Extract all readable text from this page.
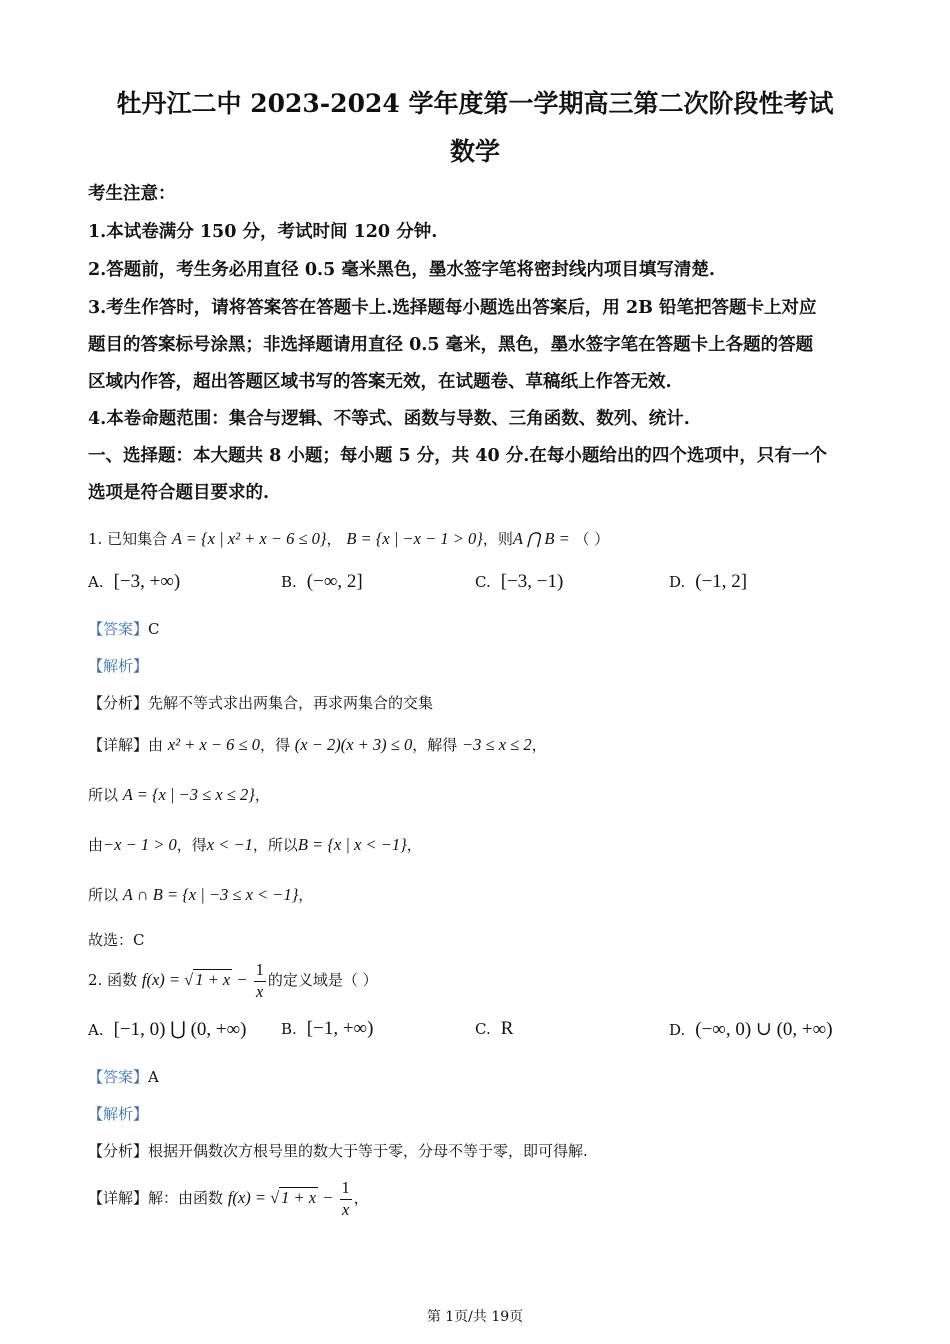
牡丹江二中 2023-2024 学年度第一学期高三第二次阶段性考试
数学
考生注意：
1.本试卷满分 150 分，考试时间 120 分钟.
2.答题前，考生务必用直径 0.5 毫米黑色，墨水签字笔将密封线内项目填写清楚.
3.考生作答时，请将答案答在答题卡上.选择题每小题选出答案后，用 2B 铅笔把答题卡上对应
题目的答案标号涂黑；非选择题请用直径 0.5 毫米，黑色，墨水签字笔在答题卡上各题的答题
区域内作答，超出答题区域书写的答案无效，在试题卷、草稿纸上作答无效.
4.本卷命题范围：集合与逻辑、不等式、函数与导数、三角函数、数列、统计.
一、选择题：本大题共 8 小题；每小题 5 分，共 40 分.在每小题给出的四个选项中，只有一个
选项是符合题目要求的.
1. 已知集合 A = {x | x² + x − 6 ≤ 0}， B = {x | −x − 1 > 0}，则A ⋂ B = （ ）
A. [−3, +∞)	B. (−∞, 2]	C. [−3, −1)	D. (−1, 2]
【答案】C
【解析】
【分析】先解不等式求出两集合，再求两集合的交集
【详解】由 x² + x − 6 ≤ 0，得 (x − 2)(x + 3) ≤ 0，解得 −3 ≤ x ≤ 2，
所以 A = {x | −3 ≤ x ≤ 2}，
由−x − 1 > 0，得x < −1，所以B = {x | x < −1}，
所以 A ∩ B = {x | −3 ≤ x < −1}，
故选：C
2. 函数 f(x) = √ $1 + x - \frac{1}{x}$ 的定义域是（ ）
A. [−1, 0) ⋃ (0, +∞) B. [−1, +∞)	C. R	D. (−∞, 0) ∪ (0, +∞)
【答案】A
【解析】
【分析】根据开偶数次方根号里的数大于等于零，分母不等于零，即可得解.
【详解】解：由函数 f(x) = √ $1 + x - \frac{1}{x}$ ，
第 1页/共 19页
